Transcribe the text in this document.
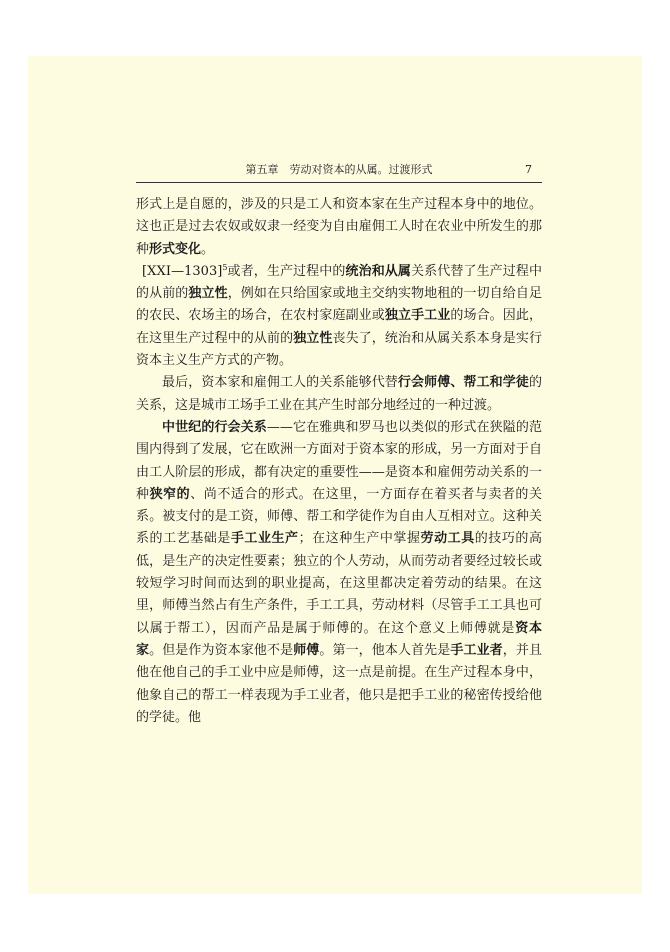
第五章　劳动对资本的从属。过渡形式	7

形式上是自愿的，涉及的只是工人和资本家在生产过程本身中的地位。这也正是过去农奴或奴隶一经变为自由雇佣工人时在农业中所发生的那种形式变化。

[ⅩⅩⅠ—1303]$^5$或者，生产过程中的统治和从属关系代替了生产过程中的从前的独立性，例如在只给国家或地主交纳实物地租的一切自给自足的农民、农场主的场合，在农村家庭副业或独立手工业的场合。因此，在这里生产过程中的从前的独立性丧失了，统治和从属关系本身是实行资本主义生产方式的产物。

最后，资本家和雇佣工人的关系能够代替行会师傅、帮工和学徒的关系，这是城市工场手工业在其产生时部分地经过的一种过渡。

中世纪的行会关系——它在雅典和罗马也以类似的形式在狭隘的范围内得到了发展，它在欧洲一方面对于资本家的形成，另一方面对于自由工人阶层的形成，都有决定的重要性——是资本和雇佣劳动关系的一种狭窄的、尚不适合的形式。在这里，一方面存在着买者与卖者的关系。被支付的是工资，师傅、帮工和学徒作为自由人互相对立。这种关系的工艺基础是手工业生产；在这种生产中掌握劳动工具的技巧的高低，是生产的决定性要素；独立的个人劳动，从而劳动者要经过较长或较短学习时间而达到的职业提高，在这里都决定着劳动的结果。在这里，师傅当然占有生产条件，手工工具，劳动材料（尽管手工工具也可以属于帮工），因而产品是属于师傅的。在这个意义上师傅就是资本家。但是作为资本家他不是师傅。第一，他本人首先是手工业者，并且他在他自己的手工业中应是师傅，这一点是前提。在生产过程本身中，他象自己的帮工一样表现为手工业者，他只是把手工业的秘密传授给他的学徒。他
